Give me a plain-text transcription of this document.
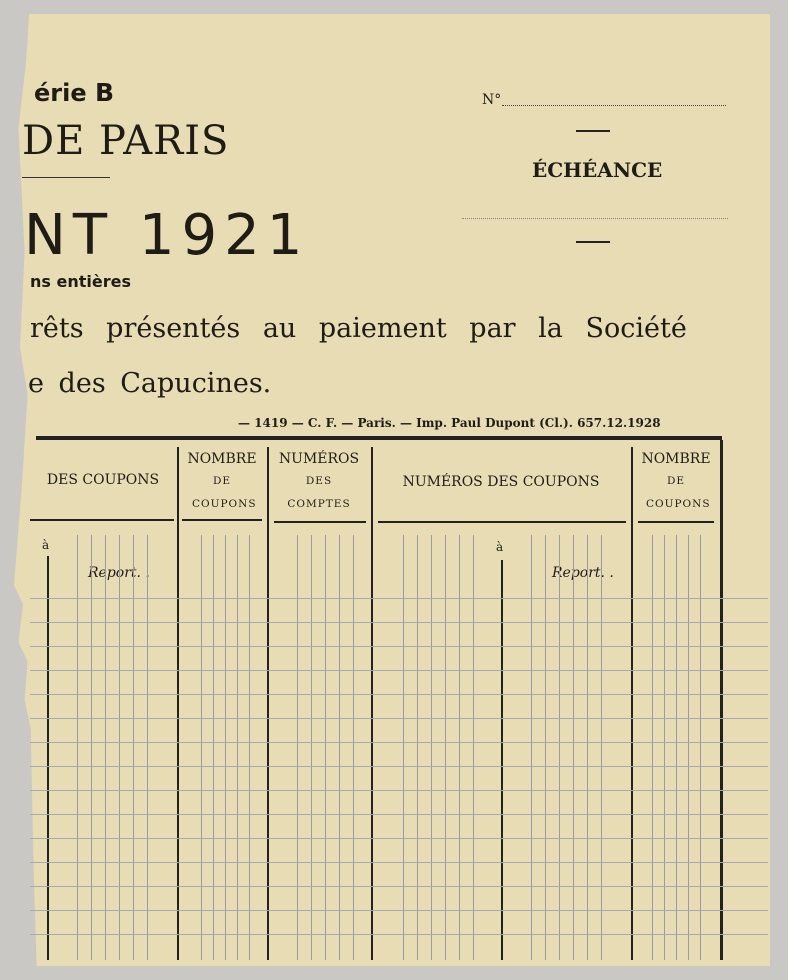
érie B
DE PARIS
NT 1921
ns entières
rêts présentés au paiement par la Société
e des Capucines.
— 1419 — C. F. — Paris. — Imp. Paul Dupont (Cl.). 657.12.1928
N°
ÉCHÉANCE
DES COUPONS
NOMBRE
DE COUPONS
NUMÉROS
DES COMPTES
NUMÉROS DES COUPONS
NOMBRE
DE COUPONS
à	à
Report. .	Report. .
